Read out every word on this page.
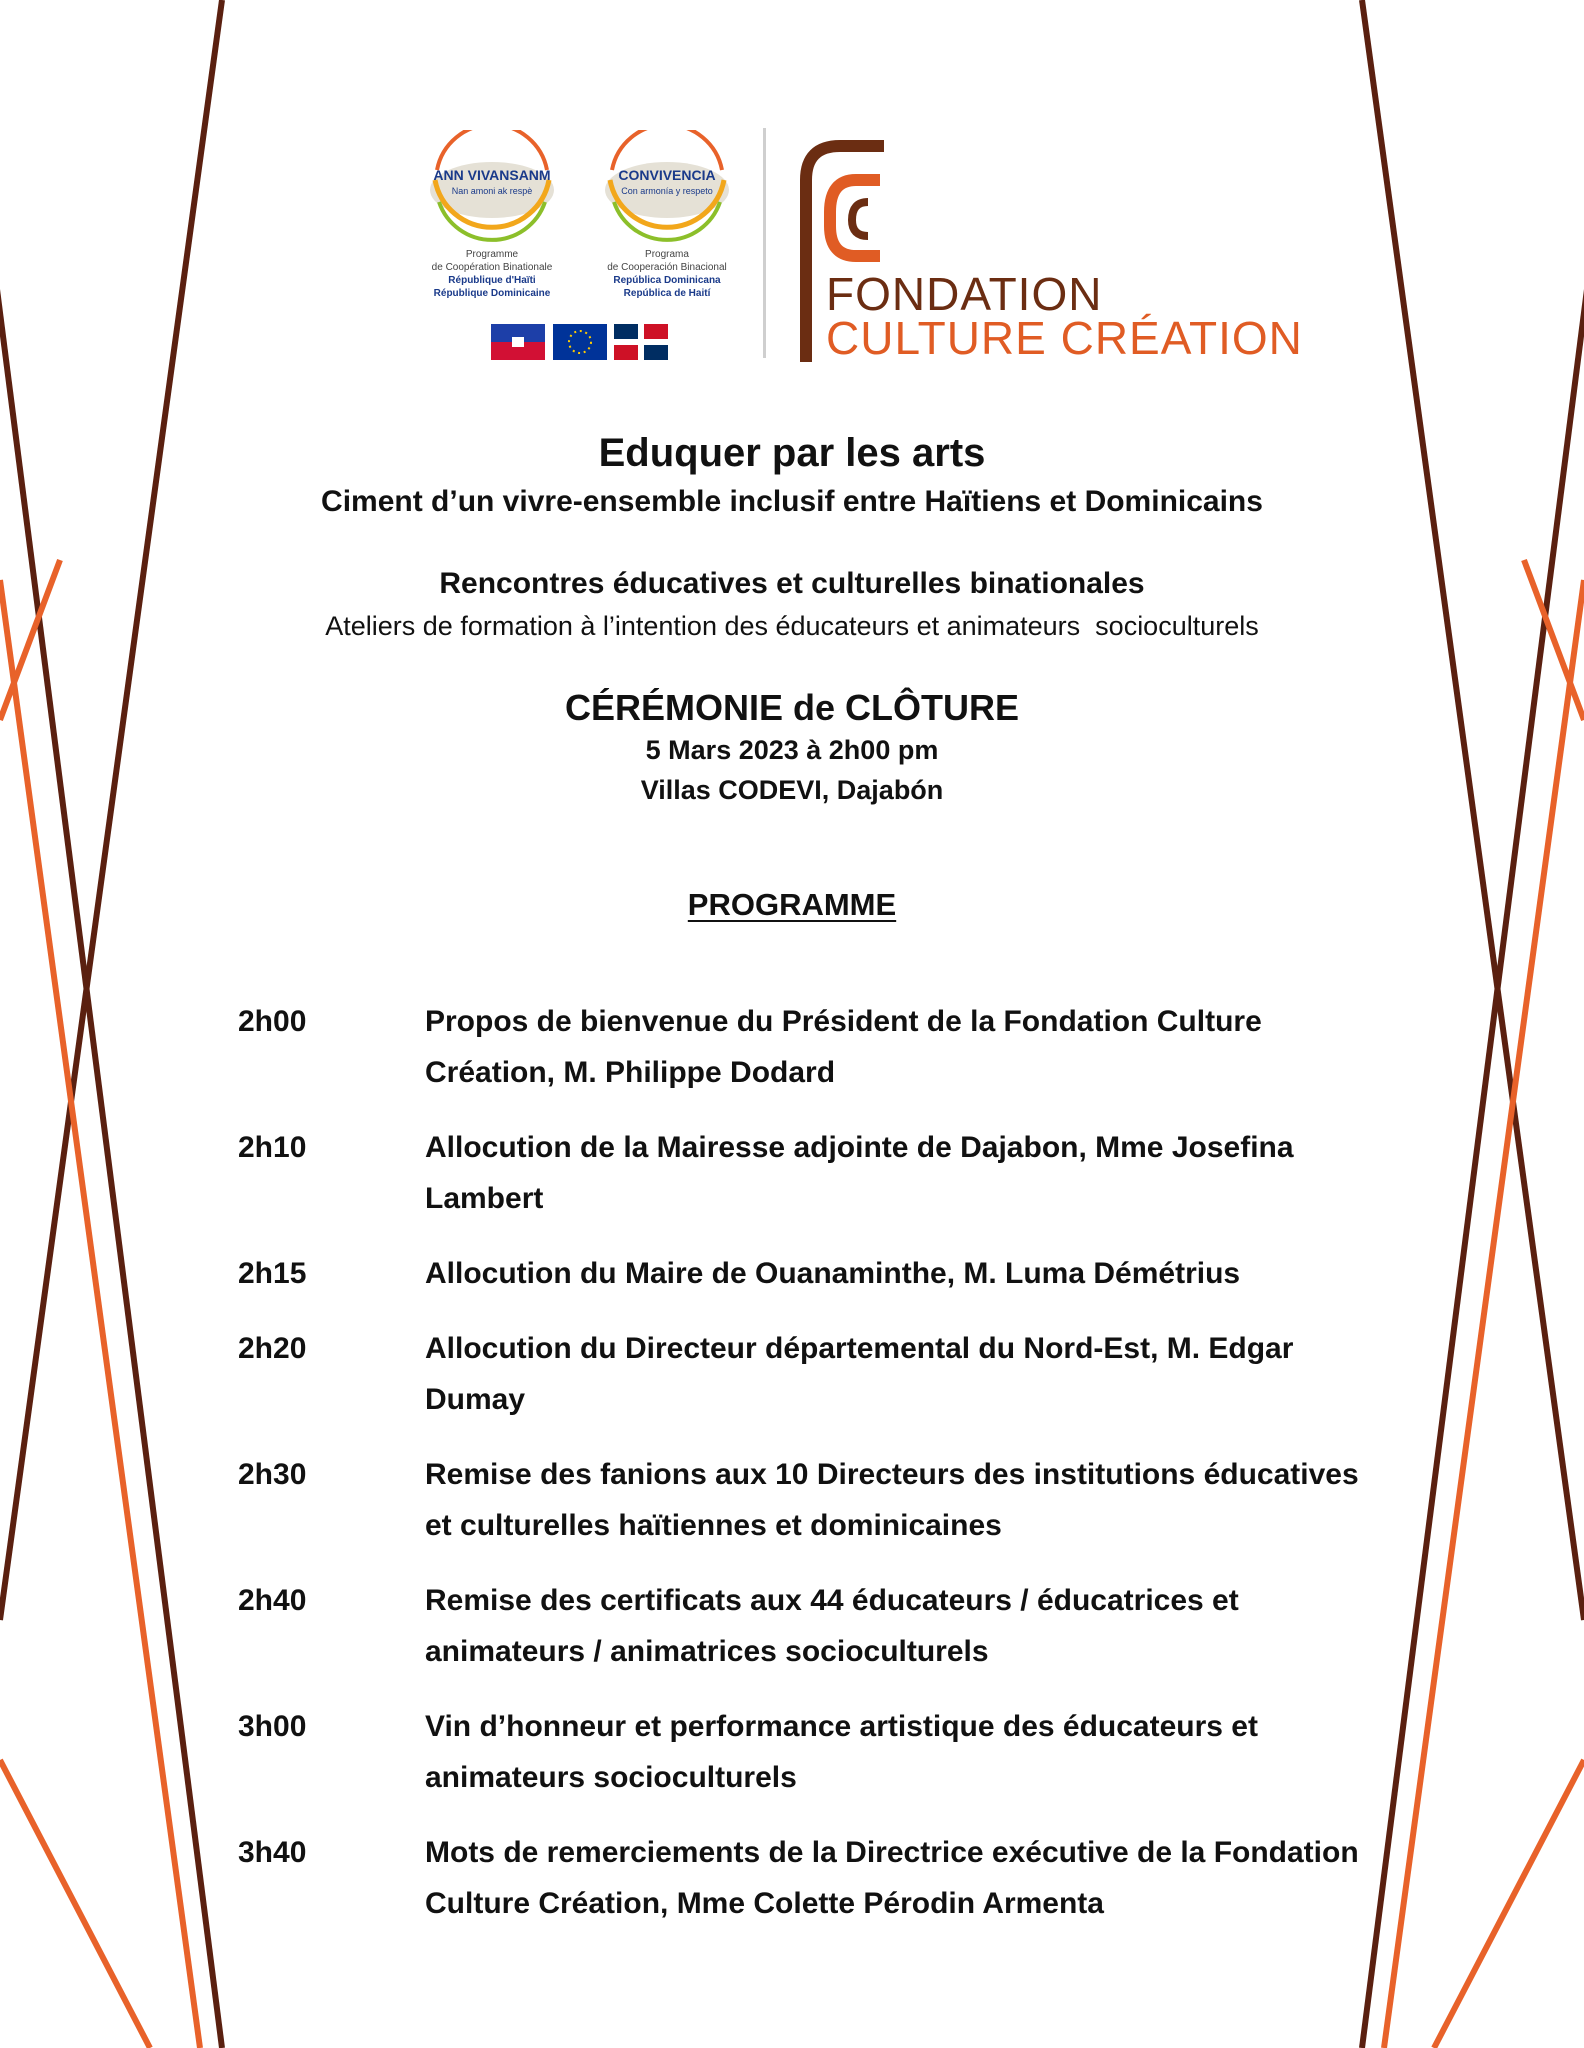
ANN VIVANSANM
Nan amoni ak respè
Programme
de Coopération Binationale
République d'Haïti
République Dominicaine
CONVIVENCIA
Con armonía y respeto
Programa
de Cooperación Binacional
República Dominicana
República de Haití	FONDATION
CULTURE CRÉATION
Eduquer par les arts
Ciment d’un vivre-ensemble inclusif entre Haïtiens et Dominicains
Rencontres éducatives et culturelles binationales
Ateliers de formation à l’intention des éducateurs et animateurs  socioculturels
CÉRÉMONIE de CLÔTURE
5 Mars 2023 à 2h00 pm
Villas CODEVI, Dajabón
PROGRAMME
2h00	Propos de bienvenue du Président de la Fondation Culture Création, M. Philippe Dodard
2h10	Allocution de la Mairesse adjointe de Dajabon, Mme Josefina Lambert
2h15	Allocution du Maire de Ouanaminthe, M. Luma Démétrius
2h20	Allocution du Directeur départemental du Nord-Est, M. Edgar Dumay
2h30	Remise des fanions aux 10 Directeurs des institutions éducatives et culturelles haïtiennes et dominicaines
2h40	Remise des certificats aux 44 éducateurs / éducatrices et animateurs / animatrices socioculturels
3h00	Vin d’honneur et performance artistique des éducateurs et animateurs socioculturels
3h40	Mots de remerciements de la Directrice exécutive de la Fondation Culture Création, Mme Colette Pérodin Armenta
